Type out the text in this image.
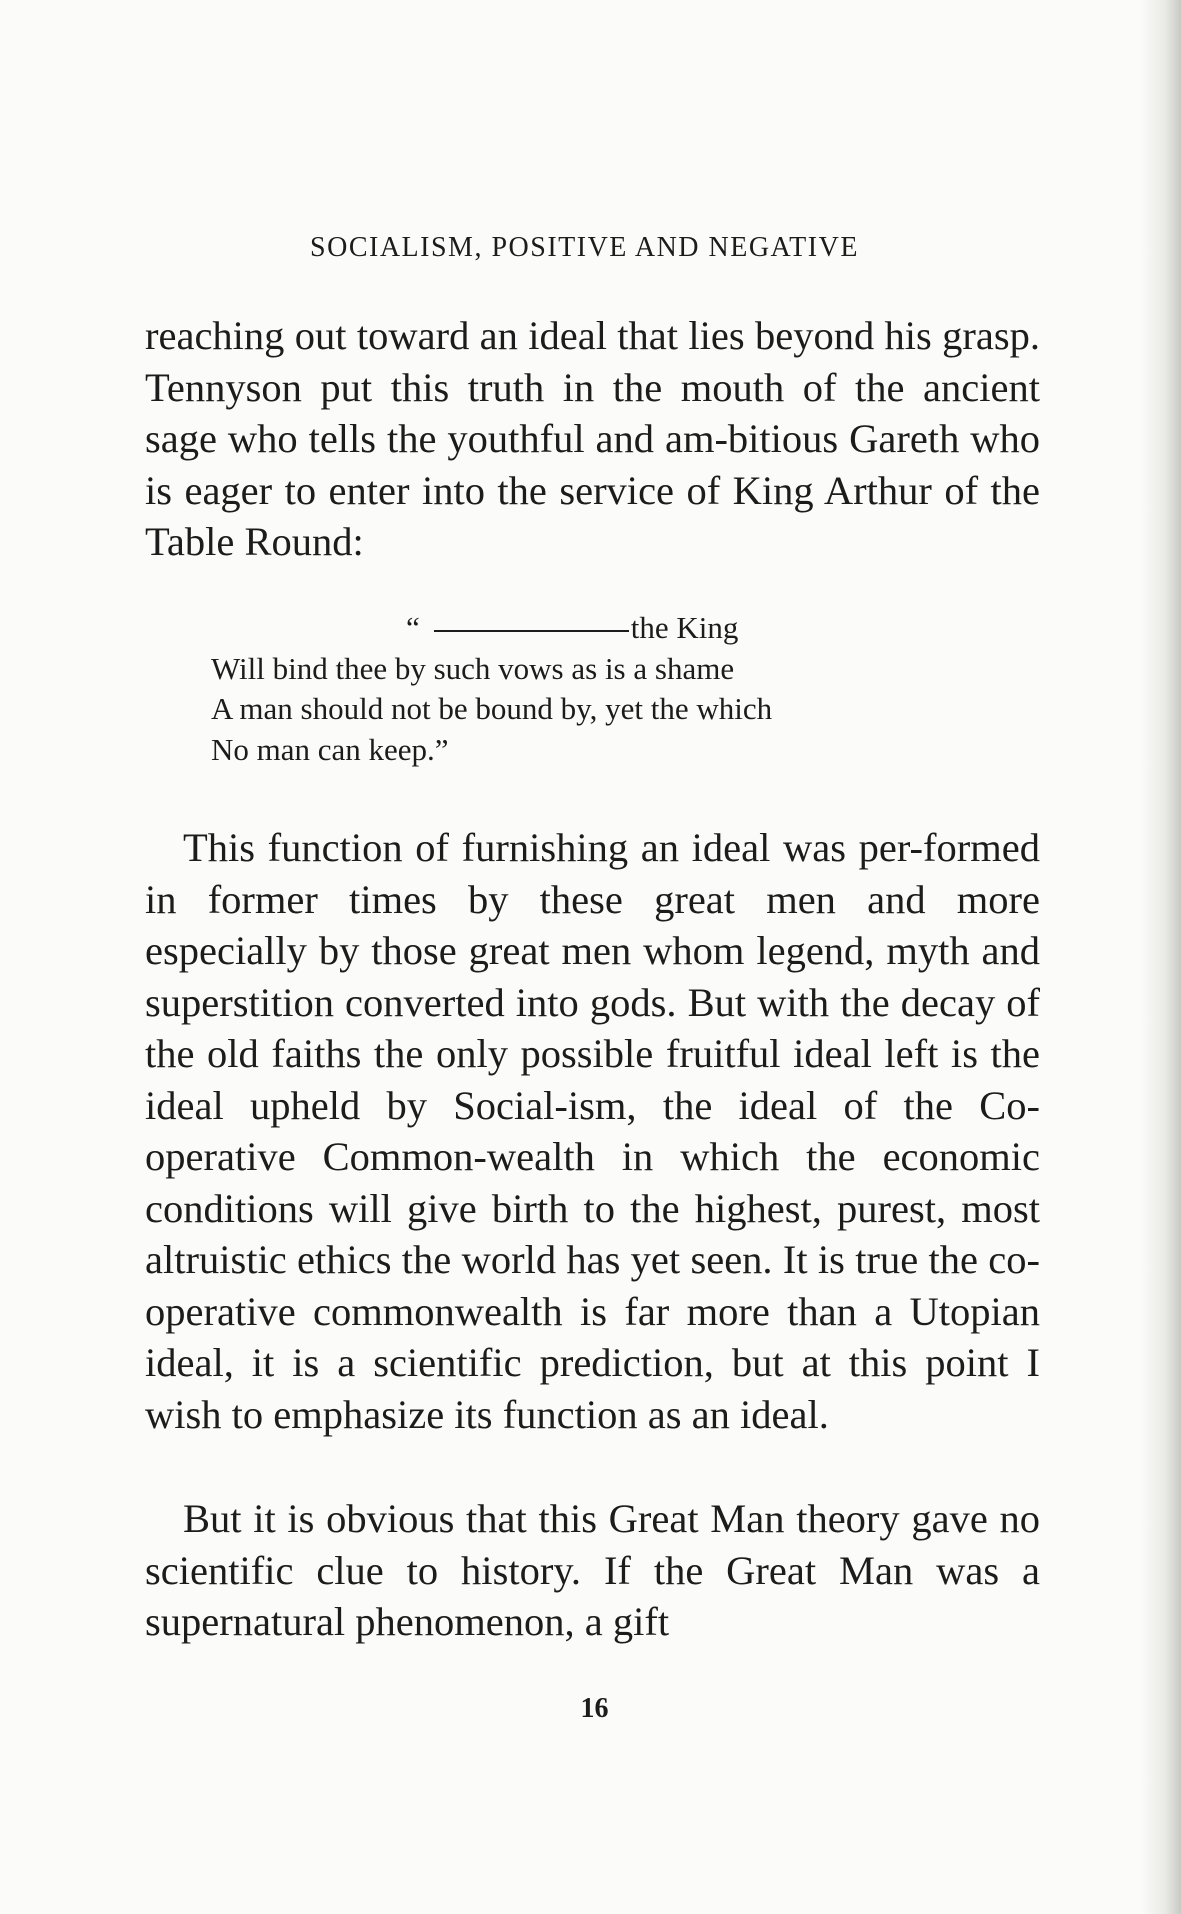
SOCIALISM, POSITIVE AND NEGATIVE

reaching out toward an ideal that lies beyond his grasp. Tennyson put this truth in the mouth of the ancient sage who tells the youthful and am-bitious Gareth who is eager to enter into the service of King Arthur of the Table Round:

“	the King
Will bind thee by such vows as is a shame
A man should not be bound by, yet the which
No man can keep.”

This function of furnishing an ideal was per-formed in former times by these great men and more especially by those great men whom legend, myth and superstition converted into gods. But with the decay of the old faiths the only possible fruitful ideal left is the ideal upheld by Social-ism, the ideal of the Co-operative Common-wealth in which the economic conditions will give birth to the highest, purest, most altruistic ethics the world has yet seen. It is true the co-operative commonwealth is far more than a Utopian ideal, it is a scientific prediction, but at this point I wish to emphasize its function as an ideal.

But it is obvious that this Great Man theory gave no scientific clue to history. If the Great Man was a supernatural phenomenon, a gift

16
